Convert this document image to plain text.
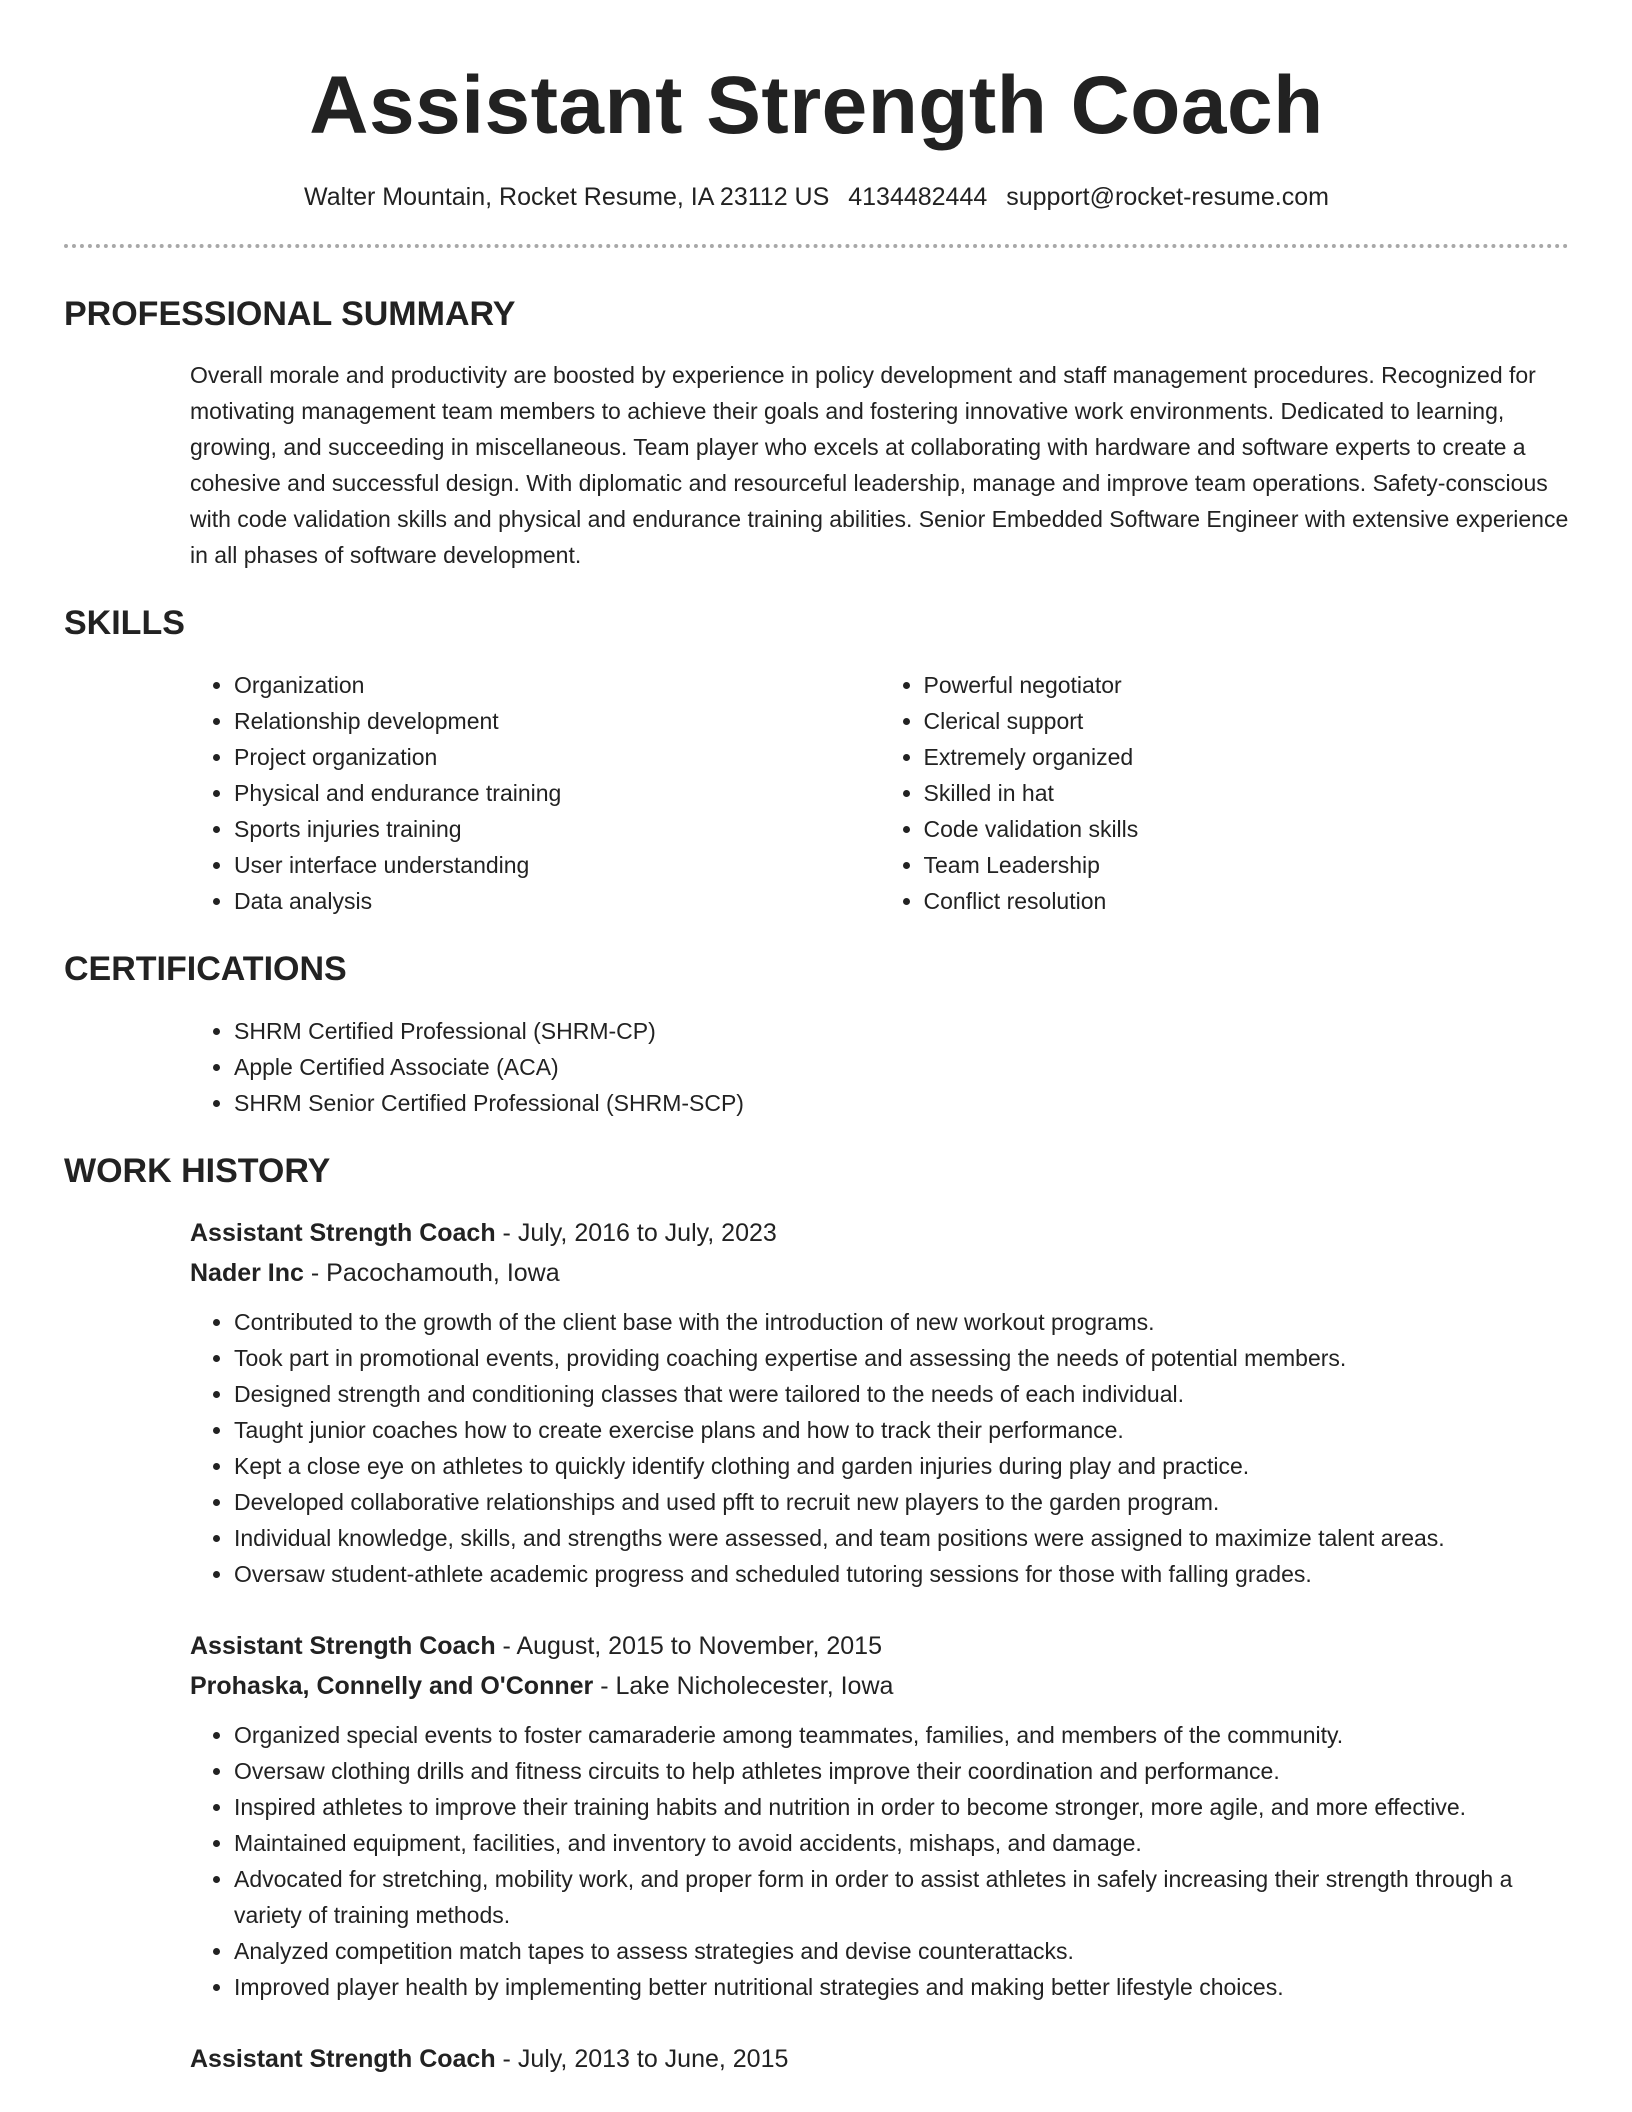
Assistant Strength Coach
Walter Mountain, Rocket Resume, IA 23112 US 4134482444 support@rocket-resume.com
PROFESSIONAL SUMMARY
Overall morale and productivity are boosted by experience in policy development and staff management procedures. Recognized for motivating management team members to achieve their goals and fostering innovative work environments. Dedicated to learning, growing, and succeeding in miscellaneous. Team player who excels at collaborating with hardware and software experts to create a cohesive and successful design. With diplomatic and resourceful leadership, manage and improve team operations. Safety-conscious with code validation skills and physical and endurance training abilities. Senior Embedded Software Engineer with extensive experience in all phases of software development.
SKILLS
• Organization
• Relationship development
• Project organization
• Physical and endurance training
• Sports injuries training
• User interface understanding
• Data analysis
• Powerful negotiator
• Clerical support
• Extremely organized
• Skilled in hat
• Code validation skills
• Team Leadership
• Conflict resolution
CERTIFICATIONS
• SHRM Certified Professional (SHRM-CP)
• Apple Certified Associate (ACA)
• SHRM Senior Certified Professional (SHRM-SCP)
WORK HISTORY
Assistant Strength Coach - July, 2016 to July, 2023
Nader Inc - Pacochamouth, Iowa
• Contributed to the growth of the client base with the introduction of new workout programs.
• Took part in promotional events, providing coaching expertise and assessing the needs of potential members.
• Designed strength and conditioning classes that were tailored to the needs of each individual.
• Taught junior coaches how to create exercise plans and how to track their performance.
• Kept a close eye on athletes to quickly identify clothing and garden injuries during play and practice.
• Developed collaborative relationships and used pfft to recruit new players to the garden program.
• Individual knowledge, skills, and strengths were assessed, and team positions were assigned to maximize talent areas.
• Oversaw student-athlete academic progress and scheduled tutoring sessions for those with falling grades.
Assistant Strength Coach - August, 2015 to November, 2015
Prohaska, Connelly and O'Conner - Lake Nicholecester, Iowa
• Organized special events to foster camaraderie among teammates, families, and members of the community.
• Oversaw clothing drills and fitness circuits to help athletes improve their coordination and performance.
• Inspired athletes to improve their training habits and nutrition in order to become stronger, more agile, and more effective.
• Maintained equipment, facilities, and inventory to avoid accidents, mishaps, and damage.
• Advocated for stretching, mobility work, and proper form in order to assist athletes in safely increasing their strength through a variety of training methods.
• Analyzed competition match tapes to assess strategies and devise counterattacks.
• Improved player health by implementing better nutritional strategies and making better lifestyle choices.
Assistant Strength Coach - July, 2013 to June, 2015
